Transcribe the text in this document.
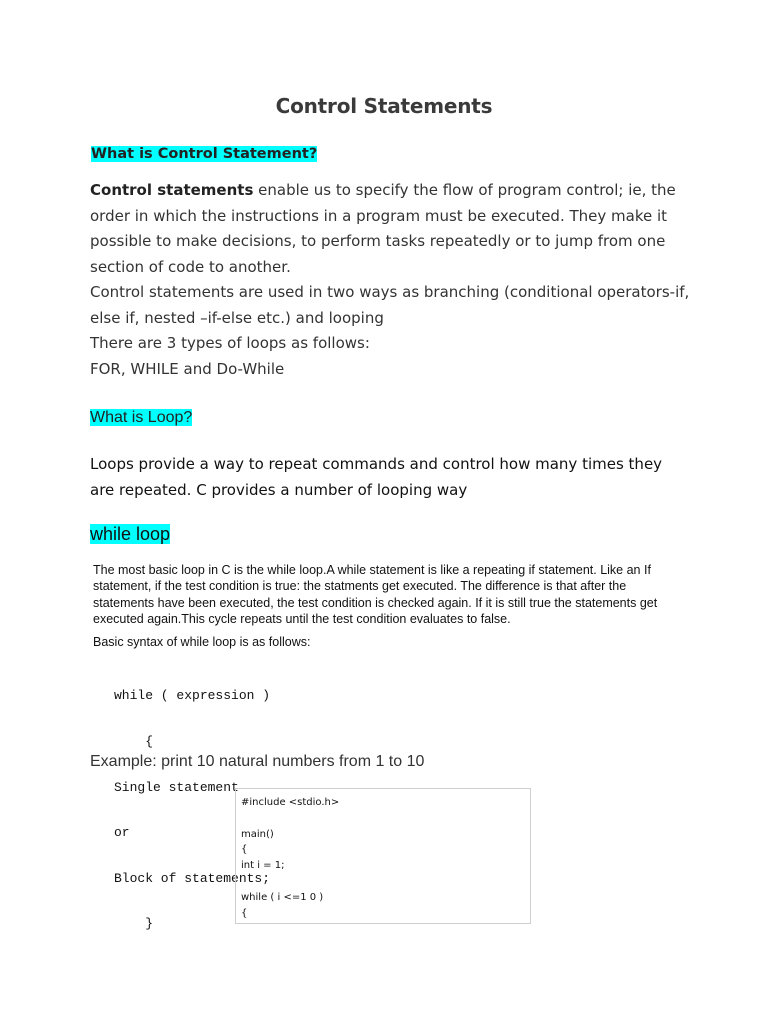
Control Statements
What is Control Statement?

Control statements enable us to specify the flow of program control; ie, the order in which the instructions in a program must be executed. They make it possible to make decisions, to perform tasks repeatedly or to jump from one section of code to another.

Control statements are used in two ways as branching (conditional operators-if, else if, nested –if-else etc.) and looping

There are 3 types of loops as follows:

FOR, WHILE and Do-While

What is Loop?

Loops provide a way to repeat commands and control how many times they are repeated. C provides a number of looping way

while loop

The most basic loop in C is the while loop.A while statement is like a repeating if statement. Like an If statement, if the test condition is true: the statments get executed. The difference is that after the statements have been executed, the test condition is checked again. If it is still true the statements get executed again.This cycle repeats until the test condition evaluates to false.

Basic syntax of while loop is as follows:

while ( expression )

{

Single statement

or

Block of statements;

}

Example: print 10 natural numbers from 1 to 10
#include <stdio.h>
main()
{
int i = 1;
while ( i <=1 0 )
{
